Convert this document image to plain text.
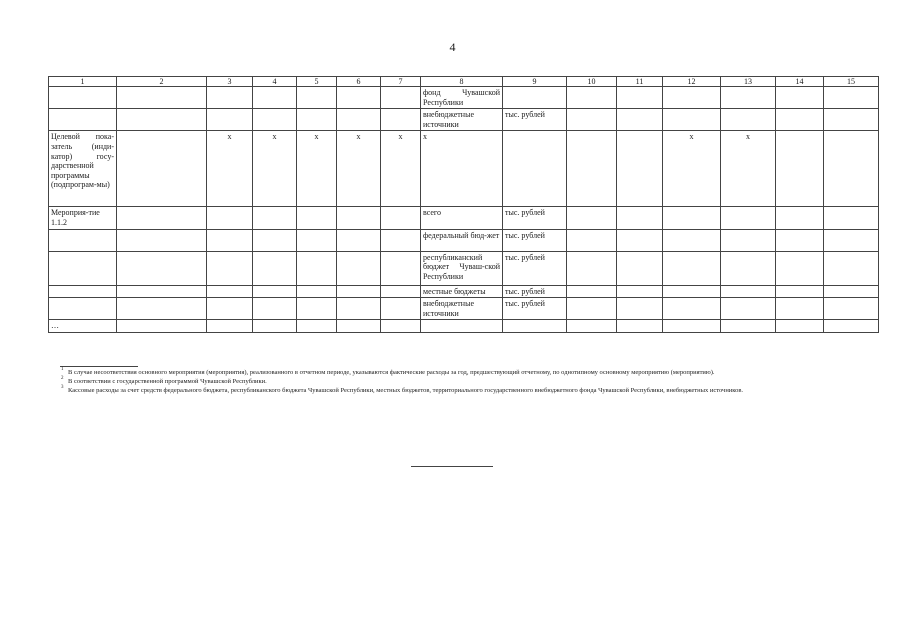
4
1	2	3	4	5	6	7	8	9	10	11	12	13	14	15
							фонд Чувашской Республики							
							внебюджетные источники	тыс. рублей						
Целевой пока-затель (инди-катор) госу-дарственной программы (подпрограм-мы)		х	х	х	х	х	х				х	х		
Мероприя-тие 1.1.2							всего	тыс. рублей						
							федеральный бюд-жет	тыс. рублей						
							республиканский бюджет Чуваш-ской Республики	тыс. рублей						
							местные бюджеты	тыс. рублей						
							внебюджетные источники	тыс. рублей						
…														
1 В случае несоответствия основного мероприятия (мероприятия), реализованного в отчетном периоде, указываются фактические расходы за год, предшествующий отчетному, по однотипному основному мероприятию (мероприятию).
2 В соответствии с государственной программой Чувашской Республики.
3 Кассовые расходы за счет средств федерального бюджета, республиканского бюджета Чувашской Республики, местных бюджетов, территориального государственного внебюджетного фонда Чувашской Республики, внебюджетных источников.
